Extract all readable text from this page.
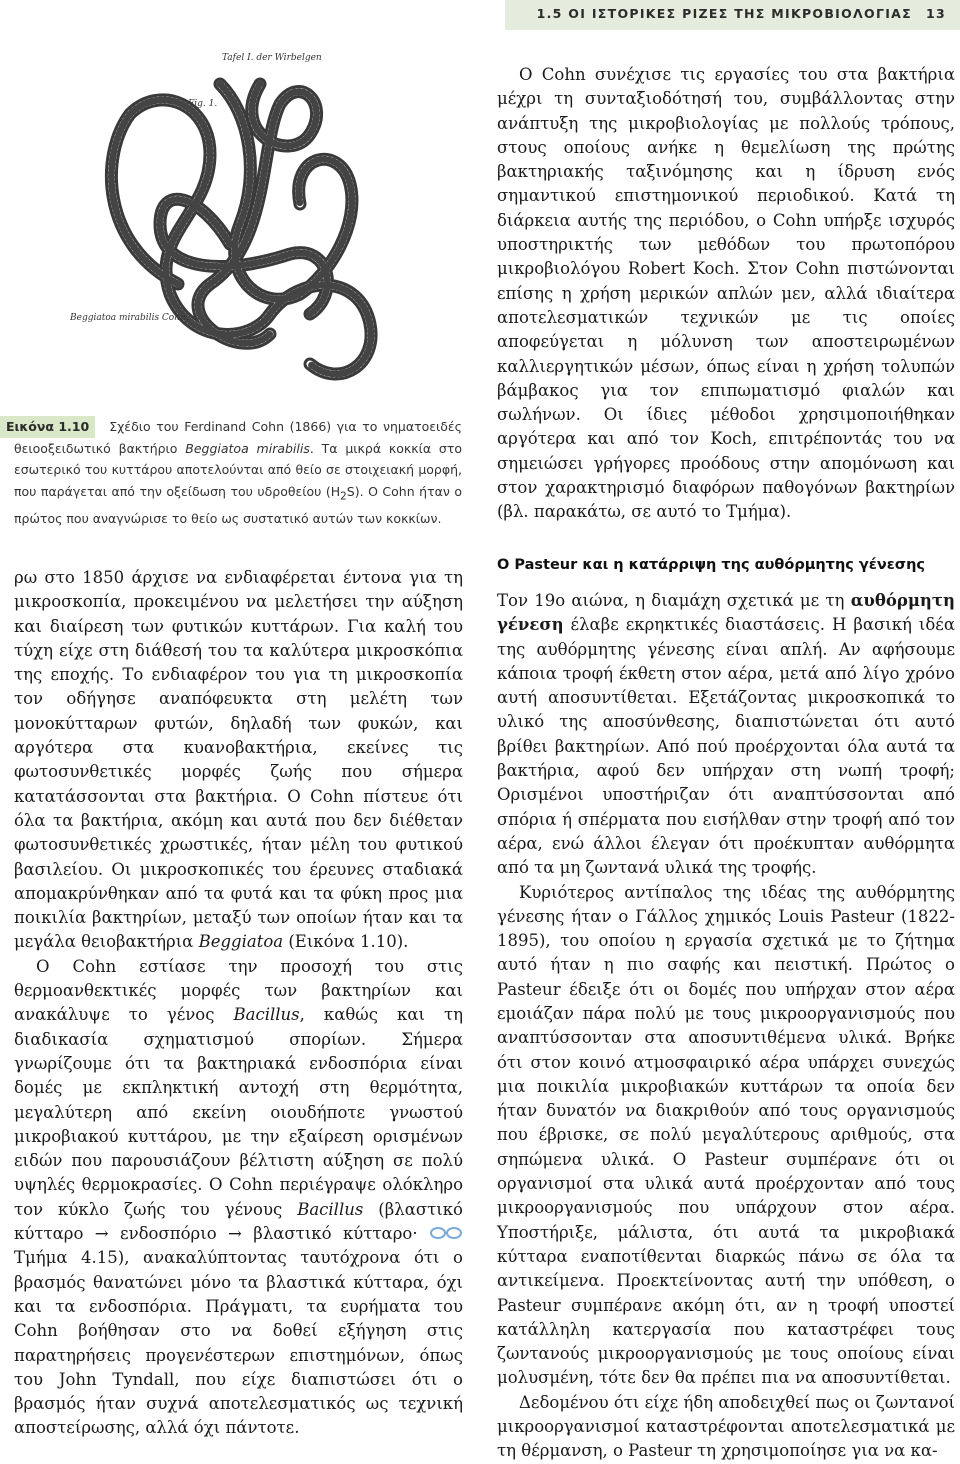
1.5 ΟΙ ΙΣΤΟΡΙΚΕΣ ΡΙΖΕΣ ΤΗΣ ΜΙΚΡΟΒΙΟΛΟΓΙΑΣ 13
Tafel I. der Wirbelgen
Fig. 1.
Beggiatoa mirabilis Cohn.
Εικόνα 1.10 Σχέδιο του Ferdinand Cohn (1866) για το νηματοειδές θειοοξειδωτικό βακτήριο Beggiatoa mirabilis. Τα μικρά κοκκία στο εσωτερικό του κυττάρου αποτελούνται από θείο σε στοιχειακή μορφή, που παράγεται από την οξείδωση του υδροθείου $(H_2S)$. Ο Cohn ήταν ο πρώτος που αναγνώρισε το θείο ως συστατικό αυτών των κοκκίων.

ρω στο 1850 άρχισε να ενδιαφέρεται έντονα για τη μικροσκοπία, προκειμένου να μελετήσει την αύξηση και διαίρεση των φυτικών κυττάρων. Για καλή του τύχη είχε στη διάθεσή του τα καλύτερα μικροσκόπια της εποχής. Το ενδιαφέρον του για τη μικροσκοπία τον οδήγησε αναπόφευκτα στη μελέτη των μονοκύτταρων φυτών, δηλαδή των φυκών, και αργότερα στα κυανοβακτήρια, εκείνες τις φωτοσυνθετικές μορφές ζωής που σήμερα κατατάσσονται στα βακτήρια. Ο Cohn πίστευε ότι όλα τα βακτήρια, ακόμη και αυτά που δεν διέθεταν φωτοσυνθετικές χρωστικές, ήταν μέλη του φυτικού βασιλείου. Οι μικροσκοπικές του έρευνες σταδιακά απομακρύνθηκαν από τα φυτά και τα φύκη προς μια ποικιλία βακτηρίων, μεταξύ των οποίων ήταν και τα μεγάλα θειοβακτήρια Beggiatoa (Εικόνα 1.10).

Ο Cohn εστίασε την προσοχή του στις θερμοανθεκτικές μορφές των βακτηρίων και ανακάλυψε το γένος Bacillus, καθώς και τη διαδικασία σχηματισμού σπορίων. Σήμερα γνωρίζουμε ότι τα βακτηριακά ενδοσπόρια είναι δομές με εκπληκτική αντοχή στη θερμότητα, μεγαλύτερη από εκείνη οιουδήποτε γνωστού μικροβιακού κυττάρου, με την εξαίρεση ορισμένων ειδών που παρουσιάζουν βέλτιστη αύξηση σε πολύ υψηλές θερμοκρασίες. Ο Cohn περιέγραψε ολόκληρο τον κύκλο ζωής του γένους Bacillus (βλαστικό κύτταρο → ενδοσπόριο → βλαστικό κύτταρο·  Τμήμα 4.15), ανακαλύπτοντας ταυτόχρονα ότι ο βρασμός θανατώνει μόνο τα βλαστικά κύτταρα, όχι και τα ενδοσπόρια. Πράγματι, τα ευρήματα του Cohn βοήθησαν στο να δοθεί εξήγηση στις παρατηρήσεις προγενέστερων επιστημόνων, όπως του John Tyndall, που είχε διαπιστώσει ότι ο βρασμός ήταν συχνά αποτελεσματικός ως τεχνική αποστείρωσης, αλλά όχι πάντοτε.

Ο Cohn συνέχισε τις εργασίες του στα βακτήρια μέχρι τη συνταξιοδότησή του, συμβάλλοντας στην ανάπτυξη της μικροβιολογίας με πολλούς τρόπους, στους οποίους ανήκε η θεμελίωση της πρώτης βακτηριακής ταξινόμησης και η ίδρυση ενός σημαντικού επιστημονικού περιοδικού. Κατά τη διάρκεια αυτής της περιόδου, ο Cohn υπήρξε ισχυρός υποστηρικτής των μεθόδων του πρωτοπόρου μικροβιολόγου Robert Koch. Στον Cohn πιστώνονται επίσης η χρήση μερικών απλών μεν, αλλά ιδιαίτερα αποτελεσματικών τεχνικών με τις οποίες αποφεύγεται η μόλυνση των αποστειρωμένων καλλιεργητικών μέσων, όπως είναι η χρήση τολυπών βάμβακος για τον επιπωματισμό φιαλών και σωλήνων. Οι ίδιες μέθοδοι χρησιμοποιήθηκαν αργότερα και από τον Koch, επιτρέποντάς του να σημειώσει γρήγορες προόδους στην απομόνωση και στον χαρακτηρισμό διαφόρων παθογόνων βακτηρίων (βλ. παρακάτω, σε αυτό το Τμήμα).

Ο Pasteur και η κατάρριψη της αυθόρμητης γένεσης

Τον 19ο αιώνα, η διαμάχη σχετικά με τη αυθόρμητη γένεση έλαβε εκρηκτικές διαστάσεις. Η βασική ιδέα της αυθόρμητης γένεσης είναι απλή. Αν αφήσουμε κάποια τροφή έκθετη στον αέρα, μετά από λίγο χρόνο αυτή αποσυντίθεται. Εξετάζοντας μικροσκοπικά το υλικό της αποσύνθεσης, διαπιστώνεται ότι αυτό βρίθει βακτηρίων. Από πού προέρχονται όλα αυτά τα βακτήρια, αφού δεν υπήρχαν στη νωπή τροφή; Ορισμένοι υποστήριζαν ότι αναπτύσσονται από σπόρια ή σπέρματα που εισήλθαν στην τροφή από τον αέρα, ενώ άλλοι έλεγαν ότι προέκυπταν αυθόρμητα από τα μη ζωντανά υλικά της τροφής.

Κυριότερος αντίπαλος της ιδέας της αυθόρμητης γένεσης ήταν ο Γάλλος χημικός Louis Pasteur (1822-1895), του οποίου η εργασία σχετικά με το ζήτημα αυτό ήταν η πιο σαφής και πειστική. Πρώτος ο Pasteur έδειξε ότι οι δομές που υπήρχαν στον αέρα εμοιάζαν πάρα πολύ με τους μικροοργανισμούς που αναπτύσσονταν στα αποσυντιθέμενα υλικά. Βρήκε ότι στον κοινό ατμοσφαιρικό αέρα υπάρχει συνεχώς μια ποικιλία μικροβιακών κυττάρων τα οποία δεν ήταν δυνατόν να διακριθούν από τους οργανισμούς που έβρισκε, σε πολύ μεγαλύτερους αριθμούς, στα σηπώμενα υλικά. Ο Pasteur συμπέρανε ότι οι οργανισμοί στα υλικά αυτά προέρχονταν από τους μικροοργανισμούς που υπάρχουν στον αέρα. Υποστήριξε, μάλιστα, ότι αυτά τα μικροβιακά κύτταρα εναποτίθενται διαρκώς πάνω σε όλα τα αντικείμενα. Προεκτείνοντας αυτή την υπόθεση, ο Pasteur συμπέρανε ακόμη ότι, αν η τροφή υποστεί κατάλληλη κατεργασία που καταστρέφει τους ζωντανούς μικροοργανισμούς με τους οποίους είναι μολυσμένη, τότε δεν θα πρέπει πια να αποσυντίθεται.

Δεδομένου ότι είχε ήδη αποδειχθεί πως οι ζωντανοί μικροοργανισμοί καταστρέφονται αποτελεσματικά με τη θέρμανση, ο Pasteur τη χρησιμοποίησε για να κα-
